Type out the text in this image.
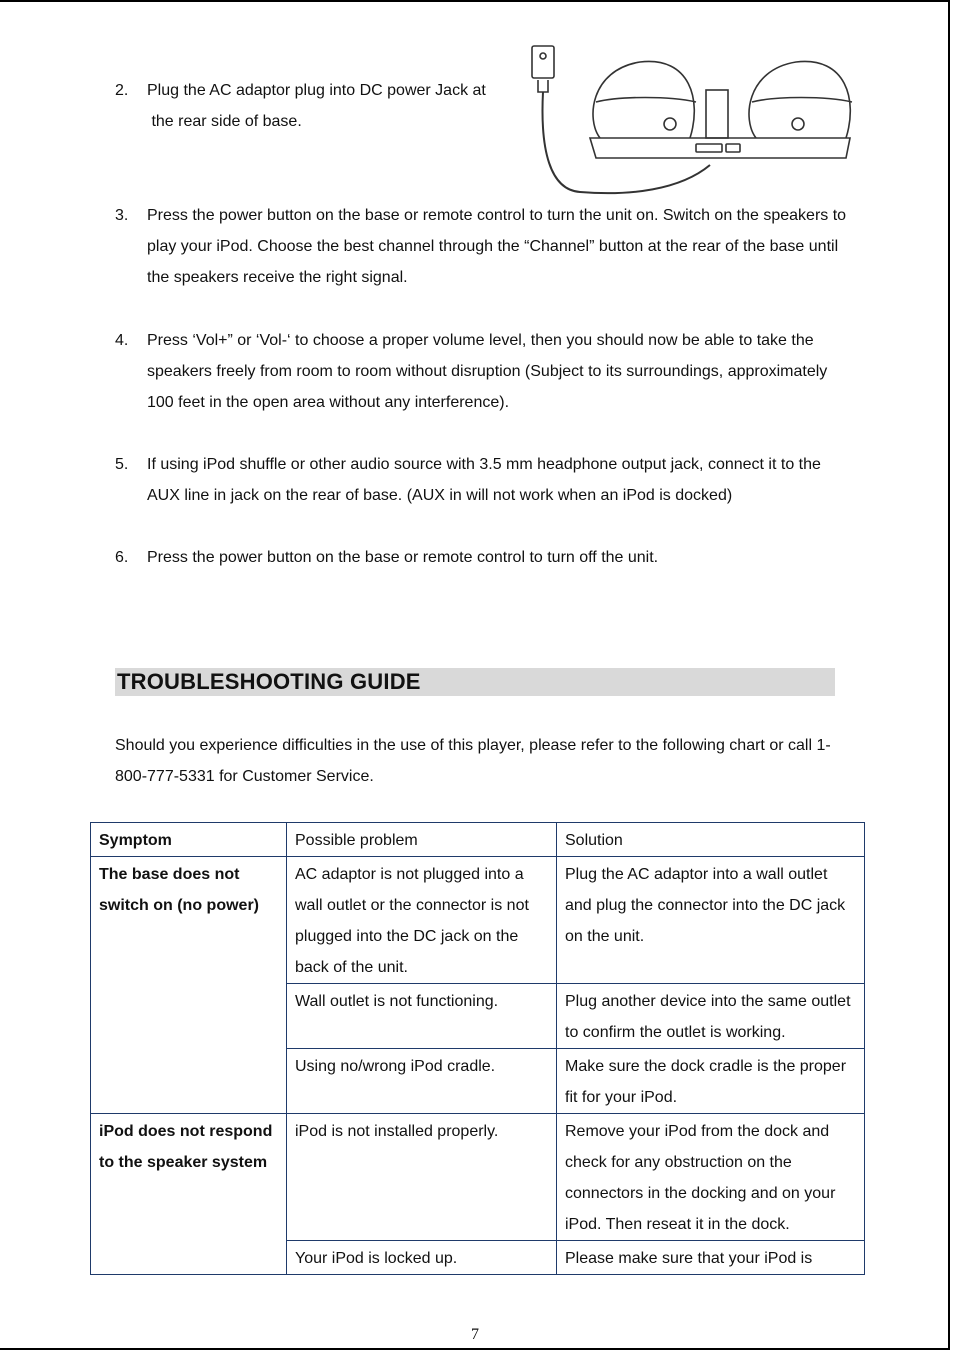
2. Plug the AC adaptor plug into DC power Jack at
the rear side of base.
3. Press the power button on the base or remote control to turn the unit on. Switch on the speakers to play your iPod. Choose the best channel through the “Channel” button at the rear of the base until the speakers receive the right signal.
4. Press ‘Vol+” or ‘Vol-‘ to choose a proper volume level, then you should now be able to take the speakers freely from room to room without disruption (Subject to its surroundings, approximately 100 feet in the open area without any interference).
5. If using iPod shuffle or other audio source with 3.5 mm headphone output jack, connect it to the AUX line in jack on the rear of base. (AUX in will not work when an iPod is docked)
6. Press the power button on the base or remote control to turn off the unit.
TROUBLESHOOTING GUIDE
Should you experience difficulties in the use of this player, please refer to the following chart or call 1-800-777-5331 for Customer Service.
Symptom	Possible problem	Solution
The base does not switch on (no power)	AC adaptor is not plugged into a wall outlet or the connector is not plugged into the DC jack on the back of the unit.	Plug the AC adaptor into a wall outlet and plug the connector into the DC jack on the unit.
	Wall outlet is not functioning.	Plug another device into the same outlet to confirm the outlet is working.
	Using no/wrong iPod cradle.	Make sure the dock cradle is the proper fit for your iPod.
iPod does not respond to the speaker system	iPod is not installed properly.	Remove your iPod from the dock and check for any obstruction on the connectors in the docking and on your iPod. Then reseat it in the dock.
	Your iPod is locked up.	Please make sure that your iPod is
7
